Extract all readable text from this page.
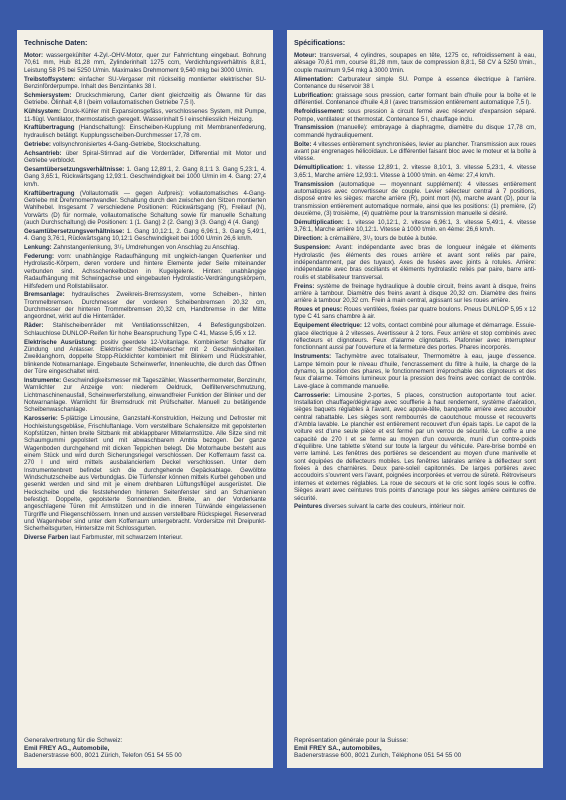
Technische Daten:

Motor: wassergekühlter 4-Zyl.-OHV-Motor, quer zur Fahrrichtung eingebaut. Bohrung 70,61 mm, Hub 81,28 mm, Zylinderinhalt 1275 ccm, Verdichtungsverhältnis 8,8:1, Leistung 58 PS bei 5250 U/min. Maximales Drehmoment 9,540 mkg bei 3000 U/min.

Treibstoffsystem: einfacher SU-Vergaser mit rückseitig montierter elektrischer SU-Benzinförderpumpe. Inhalt des Benzintanks 38 l.

Schmiersystem: Druckschmierung, Carter dient gleichzeitig als Ölwanne für das Getriebe. Ölinhalt 4,8 l (beim vollautomatischen Getriebe 7,5 l).

Kühlsystem: Druck-Kühler mit Expansionsgefäss, verschlossenes System, mit Pumpe, 11-flügl. Ventilator, thermostatisch geregelt. Wasserinhalt 5 l einschliesslich Heizung.

Kraftübertragung (Handschaltung): Einscheiben-Kupplung mit Membranenfederung, hydraulisch betätigt. Kupplungsscheiben-Durchmesser 17,78 cm.

Getriebe: vollsynchronisiertes 4-Gang-Getriebe, Stockschaltung.

Achsantrieb: über Spiral-Stirnrad auf die Vorderräder, Differential mit Motor und Getriebe verblockt.

Gesamtübersetzungsverhältnisse: 1. Gang 12,89:1, 2. Gang 8,1:1 3. Gang 5,23:1, 4. Gang 3,65:1, Rückwärtsgang 12,93:1. Geschwindigkeit bei 1000 U/min im 4. Gang: 27,4 km/h.

Kraftübertragung (Vollautomatik — gegen Aufpreis): vollautomatisches 4-Gang-Getriebe mit Drehmomentwandler. Schaltung durch den zwischen den Sitzen montierten Wahlhebel. Insgesamt 7 verschiedene Positionen: Rückwärtsgang (R), Freilauf (N), Vorwärts (D) für normale, vollautomatische Schaltung sowie für manuelle Schaltung (auch Durchschaltung) die Positionen: 1 (1. Gang) 2 (2. Gang) 3 (3. Gang) 4 (4. Gang)

Gesamtübersetzungsverhältnisse: 1. Gang 10,12:1, 2. Gang 6,96:1, 3. Gang 5,49:1, 4. Gang 3,76:1, Rückwärtsgang 10,12:1 Geschwindigkeit bei 1000 U/min 26,6 km/h.

Lenkung: Zahnstangenlenkung, 3¹/₃ Umdrehungen von Anschlag zu Anschlag.

Federung: vorn: unabhängige Radaufhängung mit ungleich-langen Querlenker und Hydrolastic-Körpern, deren vordere und hintere Elemente jeder Seite miteinander verbunden sind. Achsschenkelbolzen in Kugelgelenk. Hinten: unabhängige Radaufhängung mit Schwingachse und eingebauten Hydrolastic-Verdrängungskörpern, Hilfsfedern und Rollstabilisator.

Bremsanlage: hydraulisches Zweikreis-Bremssystem, vorne Scheiben-, hinten Trommelbremsen. Durchmesser der vorderen Scheibenbremsen 20,32 cm, Durchmesser der hinteren Trommelbremsen 20,32 cm, Handbremse in der Mitte angeordnet, wirkt auf die Hinterräder.

Räder: Stahlscheibenräder mit Ventilationsschlitzen, 4 Befestigungsbolzen. Schlauchlose DUNLOP-Reifen für hohe Beanspruchung Type C 41, Masse 5,95 x 12.

Elektrische Ausrüstung: positiv geerdete 12-Voltanlage. Kombinierter Schalter für Zündung und Anlasser. Elektrischer Scheibenwischer mit 2 Geschwindigkeiten. Zweiklanghorn, doppelte Stopp-Rücklichter kombiniert mit Blinkern und Rückstrahler, blinkende Notwarnanlage. Eingebaute Scheinwerfer, Innenleuchte, die durch das Öffnen der Türe eingeschaltet wird.

Instrumente: Geschwindigkeitsmesser mit Tageszähler, Wasserthermometer, Benzinuhr, Warnlichter zur Anzeige von: niederem Oeldruck, Oelfilterverschmutzung, Lichtmaschinenausfall, Scheinwerferstellung, einwandfreier Funktion der Blinker und der Notwarnanlage. Warnlicht für Bremsdruck mit Prüfschalter. Manuell zu betätigende Scheibenwaschanlage.

Karosserie: 5-plätzige Limousine, Ganzstahl-Konstruktion, Heizung und Defroster mit Hochleistungsgebläse, Frischluftanlage. Vorn verstellbare Schalensitze mit gepolsterten Kopfstützen, hinten breite Sitzbank mit abklappbarer Mittelarmstütze. Alle Sitze sind mit Schaumgummi gepolstert und mit abwaschbarem Ambla bezogen. Der ganze Wagenboden durchgehend mit dicken Teppichen belegt. Die Motorhaube besteht aus einem Stück und wird durch Sicherungsriegel verschlossen. Der Kofferraum fasst ca. 270 l und wird mittels ausbalanciertem Deckel verschlossen. Unter dem Instrumentenbrett befindet sich die durchgehende Gepäckablage. Gewölbte Windschutzscheibe aus Verbundglas. Die Türfenster können mittels Kurbel gehoben und gesenkt werden und sind mit je einem drehbaren Lüftungsflügel ausgerüstet. Die Heckscheibe und die feststehenden hinteren Seitenfenster sind an Scharnieren befestigt. Doppelte, gepolsterte Sonnenblenden. Breite, an der Vorderkante angeschlagene Türen mit Armstützen und in die inneren Türwände eingelassenen Türgriffe und Fliegenschlössern. Innen und aussen verstellbare Rückspiegel. Reserverad und Wagenheber sind unter dem Kofferraum untergebracht. Vordersitze mit Dreipunkt-Sicherheitsgurten, Hintersitze mit Schlossgurten.

Diverse Farben laut Farbmuster, mit schwarzem Interieur.

Generalvertretung für die Schweiz:
Emil FREY AG., Automobile,
Badenerstrasse 600, 8021 Zürich, Telefon 051 54 55 00
Spécifications:

Moteur: transversal, 4 cylindres, soupapes en tête, 1275 cc, refroidissement à eau, alésage 70,61 mm, course 81,28 mm, taux de compression 8,8:1, 58 CV à 5250 t/min., couple maximum 9,54 mkg à 3000 t/min.

Alimentation: Carburateur simple SU. Pompe à essence électrique à l'arrière. Contenance du réservoir 38 l.

Lubrification: graissage sous pression, carter formant bain d'huile pour la boîte et le différentiel. Contenance d'huile 4,8 l (avec transmission entièrement automatique 7,5 l).

Refroidissement: sous pression à circuit fermé avec réservoir d'expansion séparé. Pompe, ventilateur et thermostat. Contenance 5 l, chauffage inclu.

Transmission (manuelle): embrayage à diaphragme, diamètre du disque 17,78 cm, commandé hydrauliquement.

Boîte: 4 vitesses entièrement synchronisées, levier au plancher. Transmission aux roues avant par engrenages hélicoïdaux. Le différentiel faisant bloc avec le moteur et la boîte à vitesse.

Démultiplication: 1. vitesse 12,89:1, 2. vitesse 8,10:1, 3. vitesse 5,23:1, 4. vitesse 3,65:1, Marche arrière 12,93:1. Vitesse à 1000 t/min. en 4ème: 27,4 km/h.

Transmission (automatique — moyennant supplément): 4 vitesses entièrement automatiques avec convertisseur de couple. Levier sélecteur central à 7 positions, disposé entre les sièges: marche arrière (R), point mort (N), marche avant (D), pour la transmission entièrement automatique normale, ainsi que les positions: (1) première, (2) deuxième, (3) troisième, (4) quatrième pour la transmission manuelle si désiré.

Démultiplication: 1. vitesse 10,12:1, 2. vitesse 6,96:1, 3. vitesse 5,49:1, 4. vitesse 3,76:1, Marche arrière 10,12:1. Vitesse à 1000 t/min. en 4ème: 26,6 km/h.

Direction: à crémaillère, 3¹/₃ tours de butée à butée.

Suspension: Avant: indépendante avec bras de longueur inégale et éléments Hydrolastic (les éléments des roues arrière et avant sont reliés par paire, indépendamment, par des tuyaux). Axes de fusées avec joints à rotules. Arrière: indépendante avec bras oscillants et éléments hydrolastic reliés par paire, barre anti-roulis et stabilisateur transversal.

Freins: système de freinage hydraulique à double circuit, freins avant à disque, freins arrière à tambour. Diamètre des freins avant à disque 20,32 cm. Diamètre des freins arrière à tambour 20,32 cm. Frein à main central, agissant sur les roues arrière.

Roues et pneus: Roues ventilées, fixées par quatre boulons. Pneus DUNLOP 5,95 x 12 type C 41 sans chambre à air.

Equipement électrique: 12 volts, contact combiné pour allumage et démarrage. Essuie-glace électrique à 2 vitesses. Avertisseur à 2 tons. Feux arrière et stop combinés avec réflecteurs et clignoteurs. Feux d'alarme clignotants. Plafonnier avec interrupteur fonctionnant aussi par l'ouverture et la fermeture des portes. Phares incorporés.

Instruments: Tachymètre avec totalisateur, Thermomètre à eau, jauge d'essence. Lampe témoin pour le niveau d'huile, l'encrassement du filtre à huile, la charge de la dynamo, la position des phares, le fonctionnement irréprochable des clignoteurs et des feux d'alarme. Témoins lumineux pour la pression des freins avec contact de contrôle. Lave-glace à commande manuelle.

Carrosserie: Limousine 2-portes, 5 places, construction autoportante tout acier. Installation chauffage/dégivrage avec soufflerie à haut rendement, système d'aération, sièges baquets réglables à l'avant, avec appuie-tête, banquette arrière avec accoudoir central rabattable. Les sièges sont rembourrés de caoutchouc mousse et recouverts d'Ambla lavable. Le plancher est entièrement recouvert d'un épais tapis. Le capot de la voiture est d'une seule pièce et est fermé par un verrou de sécurité. Le coffre a une capacité de 270 l et se ferme au moyen d'un couvercle, muni d'un contre-poids d'équilibre. Une tablette s'étend sur toute la largeur du véhicule. Pare-brise bombé en verre laminé. Les fenêtres des portières se descendent au moyen d'une manivelle et sont équipées de déflecteurs mobiles. Les fenêtres latérales arrière à déflecteur sont fixées à des charnières. Deux pare-soleil capitonnés. De larges portières avec accoudoirs s'ouvrent vers l'avant, poignées incorporées et verrou de sûreté. Rétroviseurs internes et externes réglables. La roue de secours et le cric sont logés sous le coffre. Sièges avant avec ceintures trois points d'ancrage pour les sièges arrière ceintures de sécurité.

Peintures diverses suivant la carte des couleurs, intérieur noir.

Représentation générale pour la Suisse:
Emil FREY SA., automobiles,
Badenerstrasse 600, 8021 Zurich, Téléphone 051 54 55 00
